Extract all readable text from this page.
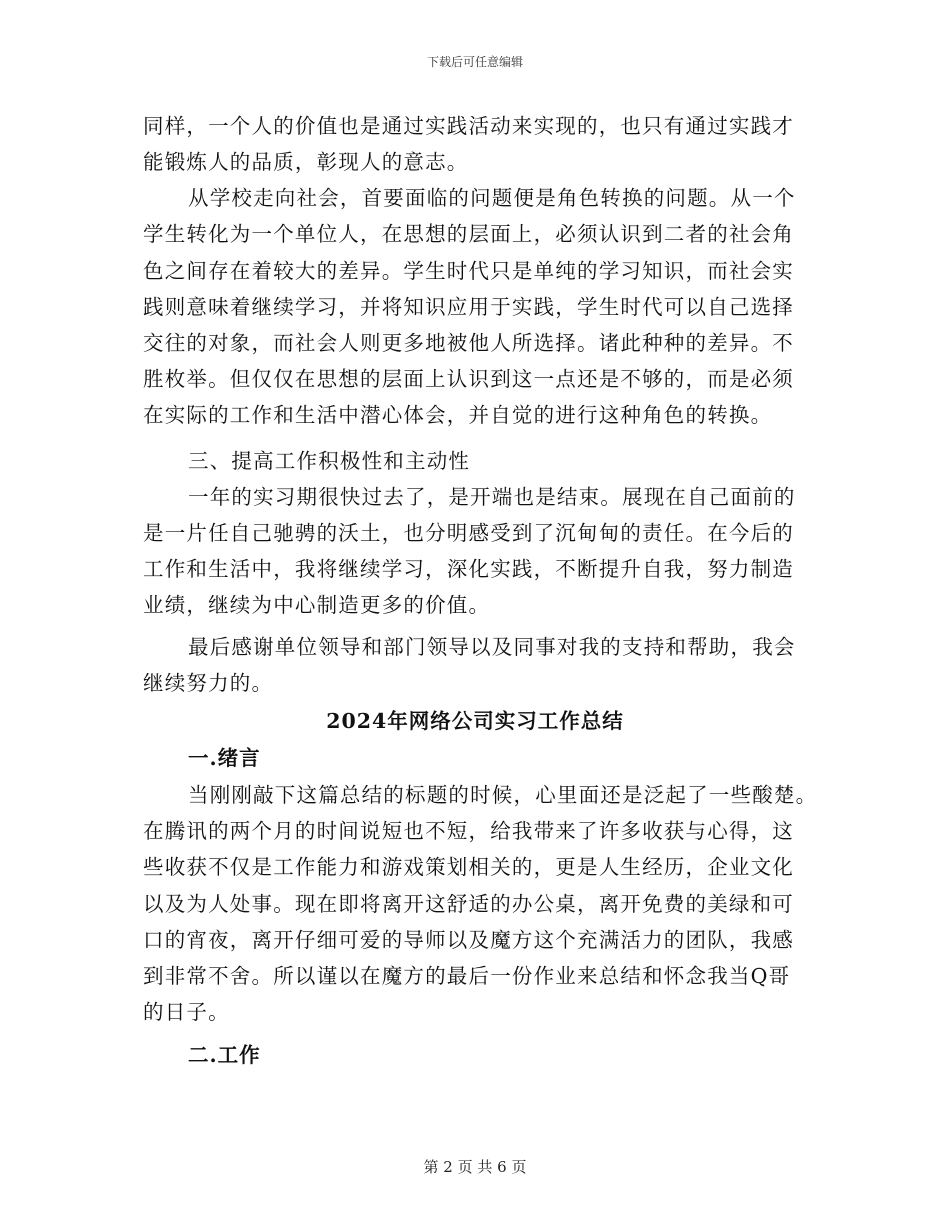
下载后可任意编辑
同样，一个人的价值也是通过实践活动来实现的，也只有通过实践才
能锻炼人的品质，彰现人的意志。
从学校走向社会，首要面临的问题便是角色转换的问题。从一个
学生转化为一个单位人，在思想的层面上，必须认识到二者的社会角
色之间存在着较大的差异。学生时代只是单纯的学习知识，而社会实
践则意味着继续学习，并将知识应用于实践，学生时代可以自己选择
交往的对象，而社会人则更多地被他人所选择。诸此种种的差异。不
胜枚举。但仅仅在思想的层面上认识到这一点还是不够的，而是必须
在实际的工作和生活中潜心体会，并自觉的进行这种角色的转换。
三、提高工作积极性和主动性
一年的实习期很快过去了，是开端也是结束。展现在自己面前的
是一片任自己驰骋的沃土，也分明感受到了沉甸甸的责任。在今后的
工作和生活中，我将继续学习，深化实践，不断提升自我，努力制造
业绩，继续为中心制造更多的价值。
最后感谢单位领导和部门领导以及同事对我的支持和帮助，我会
继续努力的。
2024年网络公司实习工作总结
一.绪言
当刚刚敲下这篇总结的标题的时候，心里面还是泛起了一些酸楚。
在腾讯的两个月的时间说短也不短，给我带来了许多收获与心得，这
些收获不仅是工作能力和游戏策划相关的，更是人生经历，企业文化
以及为人处事。现在即将离开这舒适的办公桌，离开免费的美绿和可
口的宵夜，离开仔细可爱的导师以及魔方这个充满活力的团队，我感
到非常不舍。所以谨以在魔方的最后一份作业来总结和怀念我当Q哥
的日子。
二.工作
第 2 页 共 6 页
